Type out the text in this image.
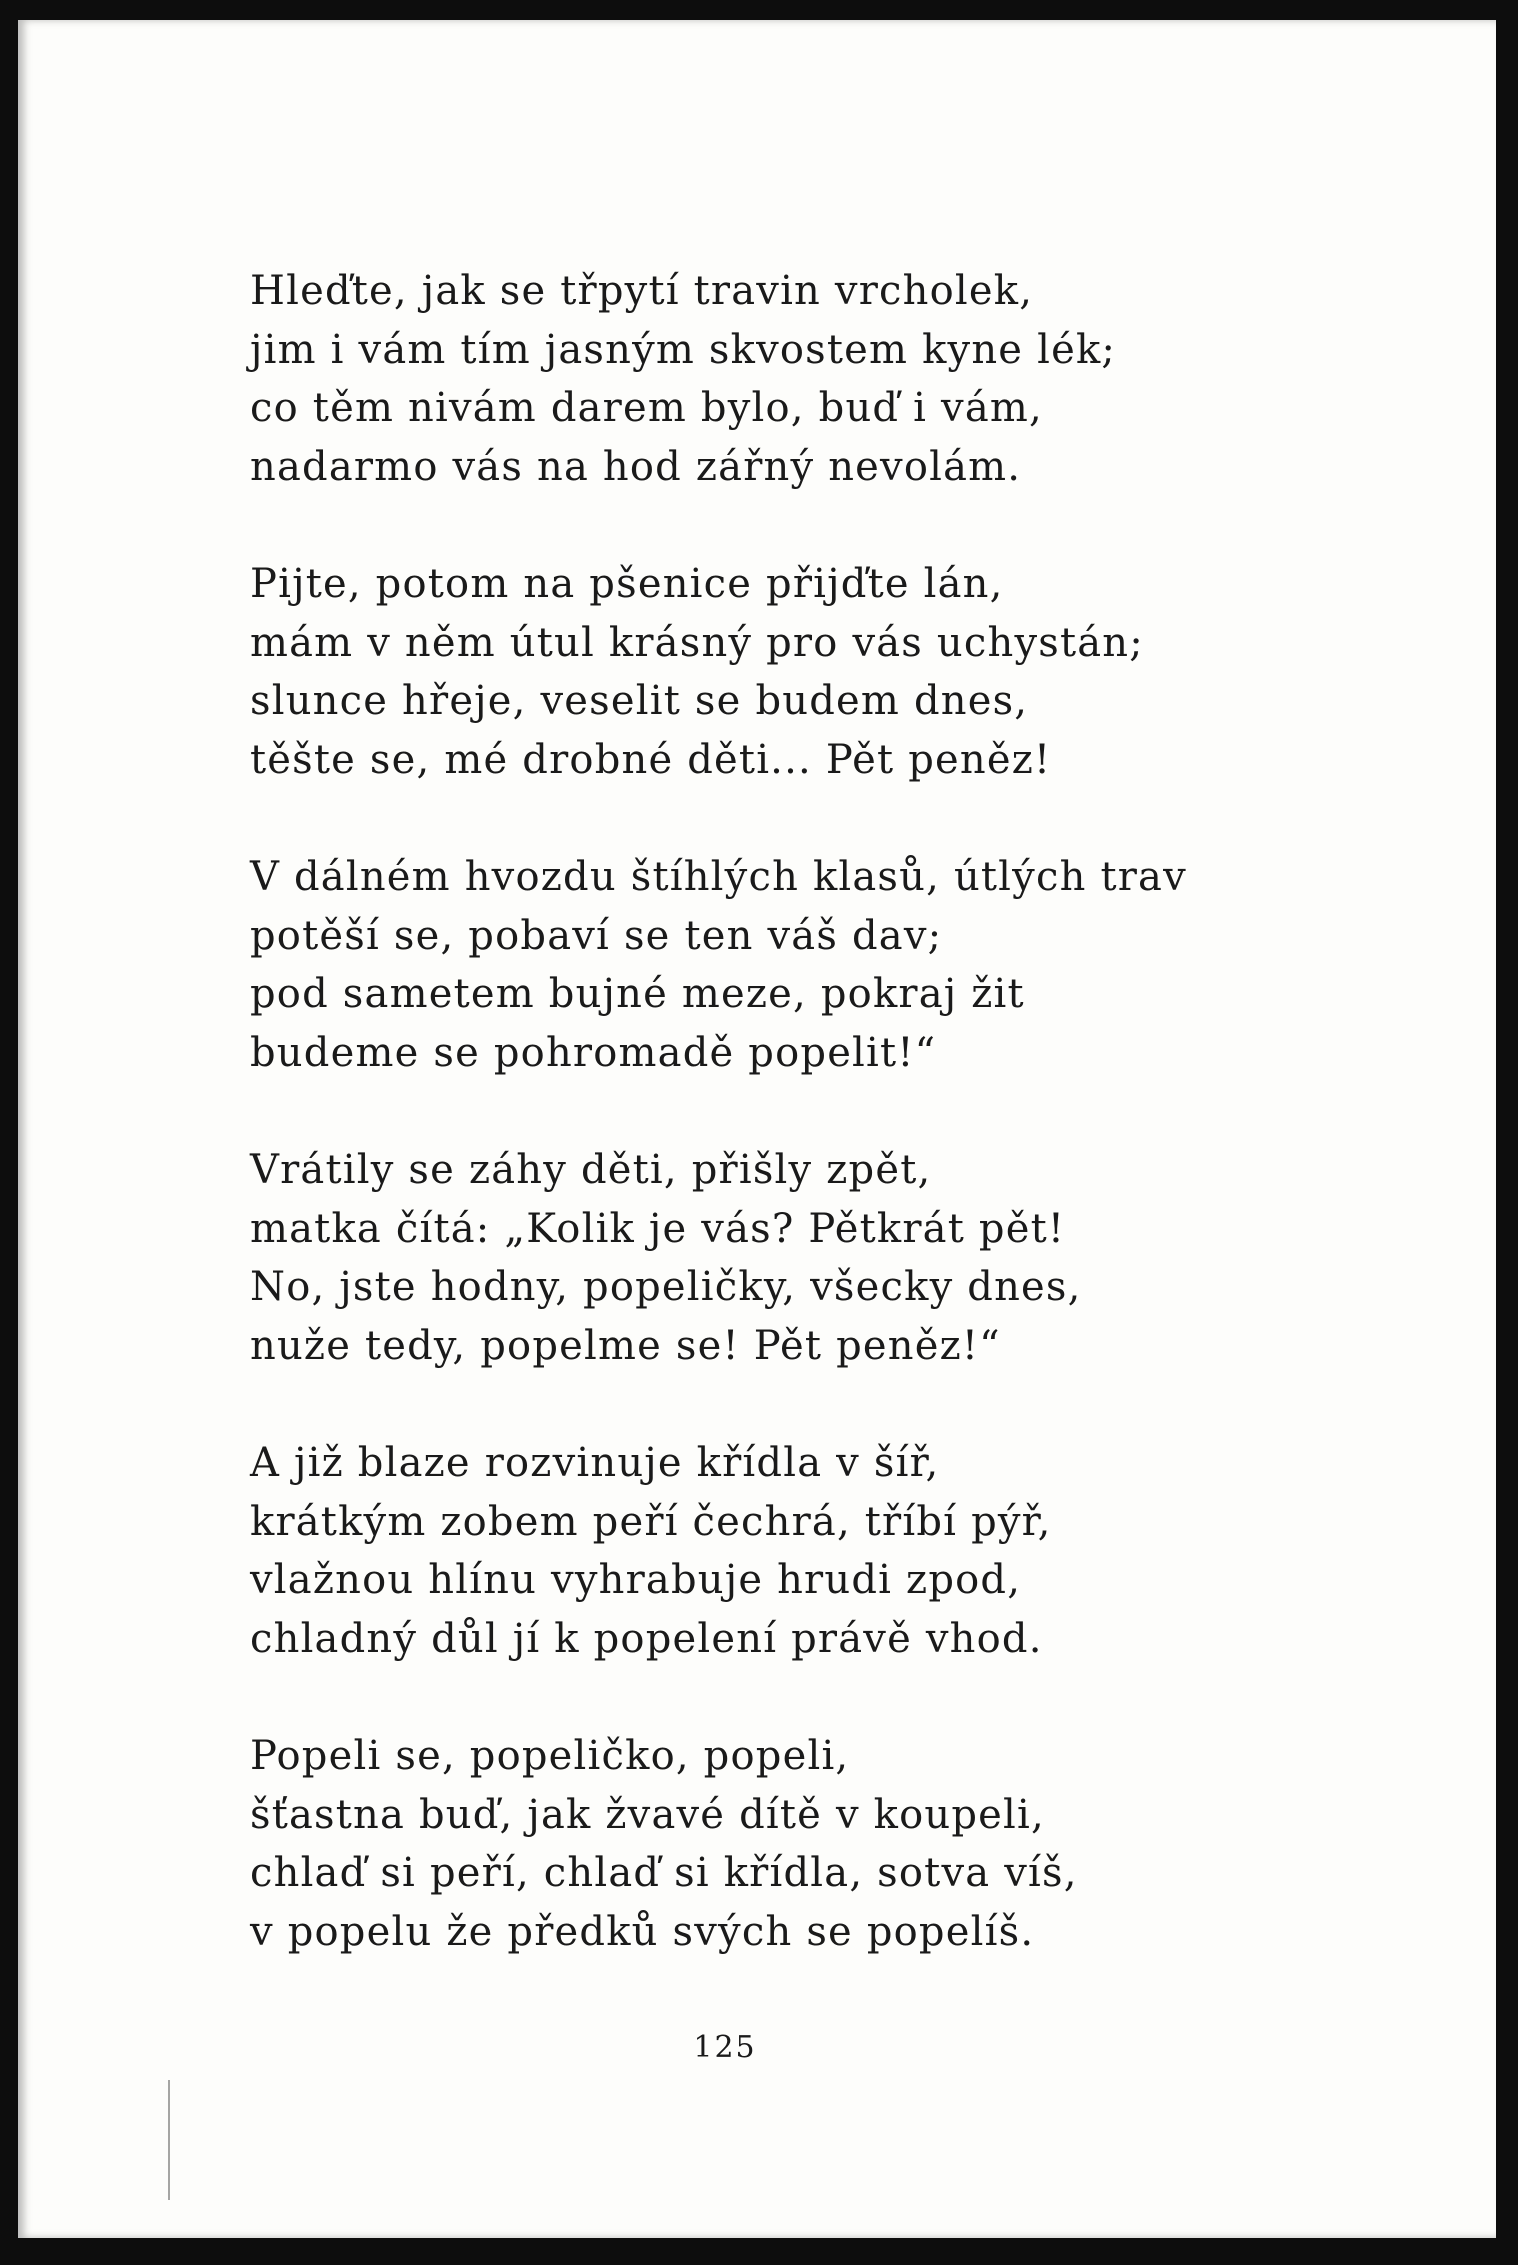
Hleďte, jak se třpytí travin vrcholek,
jim i vám tím jasným skvostem kyne lék;
co těm nivám darem bylo, buď i vám,
nadarmo vás na hod zářný nevolám.
Pijte, potom na pšenice přijďte lán,
mám v něm útul krásný pro vás uchystán;
slunce hřeje, veselit se budem dnes,
těšte se, mé drobné děti... Pět peněz!
V dálném hvozdu štíhlých klasů, útlých trav
potěší se, pobaví se ten váš dav;
pod sametem bujné meze, pokraj žit
budeme se pohromadě popelit!“
Vrátily se záhy děti, přišly zpět,
matka čítá: „Kolik je vás? Pětkrát pět!
No, jste hodny, popeličky, všecky dnes,
nuže tedy, popelme se! Pět peněz!“
A již blaze rozvinuje křídla v šíř,
krátkým zobem peří čechrá, tříbí pýř,
vlažnou hlínu vyhrabuje hrudi zpod,
chladný důl jí k popelení právě vhod.
Popeli se, popeličko, popeli,
šťastna buď, jak žvavé dítě v koupeli,
chlaď si peří, chlaď si křídla, sotva víš,
v popelu že předků svých se popelíš.
125
